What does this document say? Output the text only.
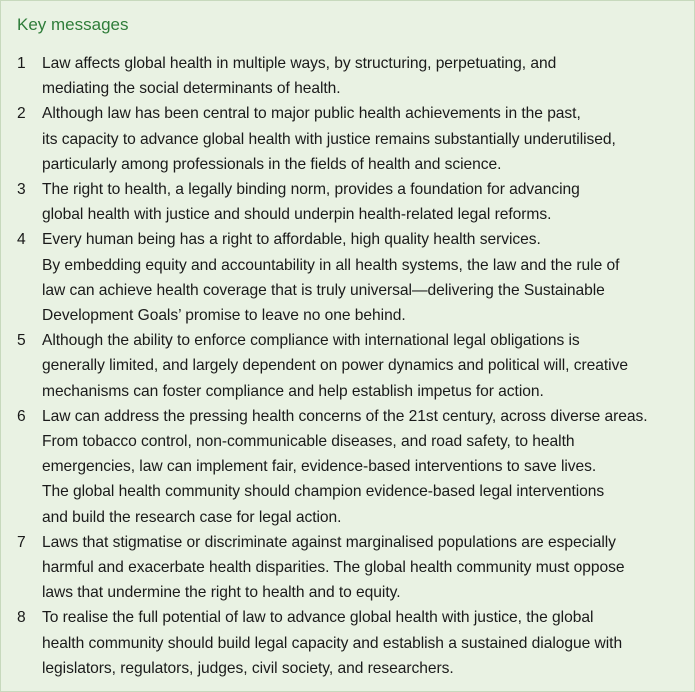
Key messages
1	Law affects global health in multiple ways, by structuring, perpetuating, and
mediating the social determinants of health.
2	Although law has been central to major public health achievements in the past,
its capacity to advance global health with justice remains substantially underutilised,
particularly among professionals in the fields of health and science.
3	The right to health, a legally binding norm, provides a foundation for advancing
global health with justice and should underpin health-related legal reforms.
4	Every human being has a right to affordable, high quality health services.
By embedding equity and accountability in all health systems, the law and the rule of
law can achieve health coverage that is truly universal—delivering the Sustainable
Development Goals’ promise to leave no one behind.
5	Although the ability to enforce compliance with international legal obligations is
generally limited, and largely dependent on power dynamics and political will, creative
mechanisms can foster compliance and help establish impetus for action.
6	Law can address the pressing health concerns of the 21st century, across diverse areas.
From tobacco control, non-communicable diseases, and road safety, to health
emergencies, law can implement fair, evidence-based interventions to save lives.
The global health community should champion evidence-based legal interventions
and build the research case for legal action.
7	Laws that stigmatise or discriminate against marginalised populations are especially
harmful and exacerbate health disparities. The global health community must oppose
laws that undermine the right to health and to equity.
8	To realise the full potential of law to advance global health with justice, the global
health community should build legal capacity and establish a sustained dialogue with
legislators, regulators, judges, civil society, and researchers.
